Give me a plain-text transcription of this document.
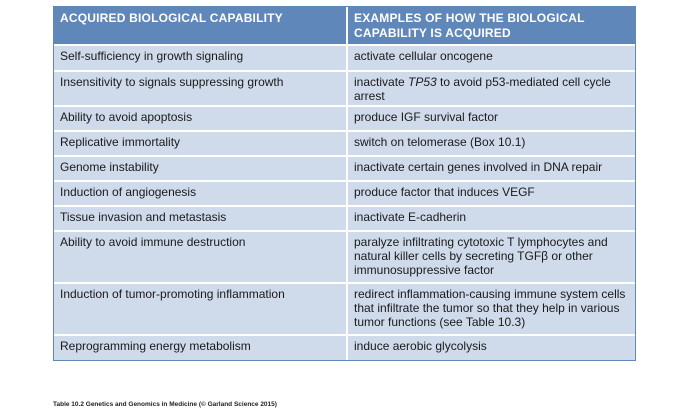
ACQUIRED BIOLOGICAL CAPABILITY	EXAMPLES OF HOW THE BIOLOGICAL CAPABILITY IS ACQUIRED
Self-sufficiency in growth signaling	activate cellular oncogene
Insensitivity to signals suppressing growth	inactivate TP53 to avoid p53-mediated cell cycle arrest
Ability to avoid apoptosis	produce IGF survival factor
Replicative immortality	switch on telomerase (Box 10.1)
Genome instability	inactivate certain genes involved in DNA repair
Induction of angiogenesis	produce factor that induces VEGF
Tissue invasion and metastasis	inactivate E-cadherin
Ability to avoid immune destruction	paralyze infiltrating cytotoxic T lymphocytes and natural killer cells by secreting TGFβ or other immunosuppressive factor
Induction of tumor-promoting inflammation	redirect inflammation-causing immune system cells that infiltrate the tumor so that they help in various tumor functions (see Table 10.3)
Reprogramming energy metabolism	induce aerobic glycolysis
Table 10.2 Genetics and Genomics in Medicine (© Garland Science 2015)
